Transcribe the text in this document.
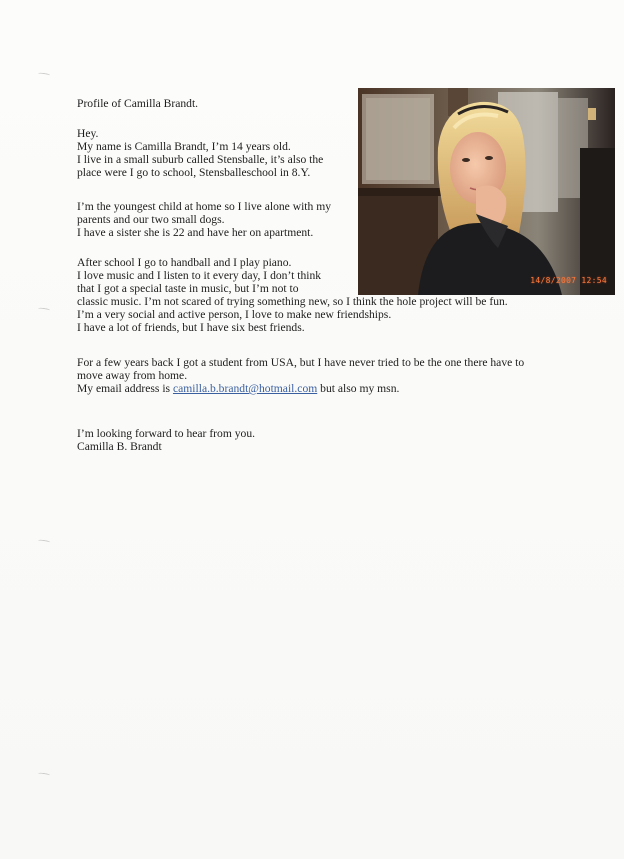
Profile of Camilla Brandt.
Hey.
My name is Camilla Brandt, I’m 14 years old.
I live in a small suburb called Stensballe, it’s also the
place were I go to school, Stensballeschool in 8.Y.
I’m the youngest child at home so I live alone with my
parents and our two small dogs.
I have a sister she is 22 and have her on apartment.
After school I go to handball and I play piano.
I love music and I listen to it every day, I don’t think
that I got a special taste in music, but I’m not to
classic music. I’m not scared of trying something new, so I think the hole project will be fun.
I’m a very social and active person, I love to make new friendships.
I have a lot of friends, but I have six best friends.
For a few years back I got a student from USA, but I have never tried to be the one there have to
move away from home.
My email address is camilla.b.brandt@hotmail.com but also my msn.
I’m looking forward to hear from you.
Camilla B. Brandt
14/8/2007 12:54
